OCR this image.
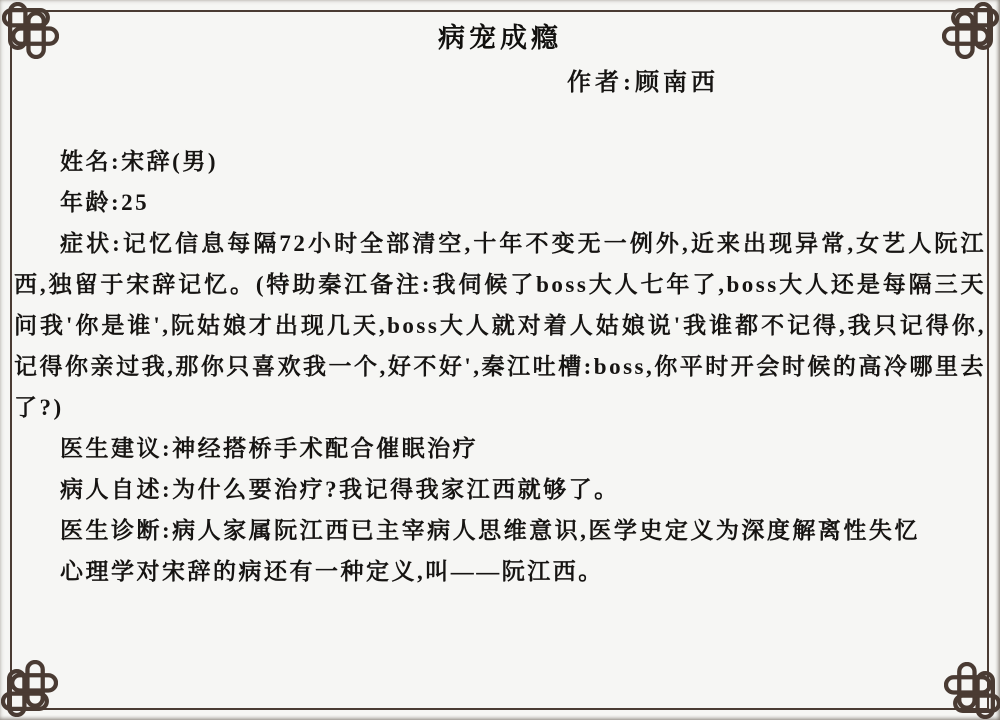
病宠成瘾
作者:顾南西

姓名:宋辞(男)

年龄:25

症状:记忆信息每隔72小时全部清空,十年不变无一例外,近来出现异常,女艺人阮江西,独留于宋辞记忆。(特助秦江备注:我伺候了boss大人七年了,boss大人还是每隔三天问我'你是谁',阮姑娘才出现几天,boss大人就对着人姑娘说'我谁都不记得,我只记得你,记得你亲过我,那你只喜欢我一个,好不好',秦江吐槽:boss,你平时开会时候的高冷哪里去了?)

医生建议:神经搭桥手术配合催眠治疗

病人自述:为什么要治疗?我记得我家江西就够了。

医生诊断:病人家属阮江西已主宰病人思维意识,医学史定义为深度解离性失忆

心理学对宋辞的病还有一种定义,叫——阮江西。
